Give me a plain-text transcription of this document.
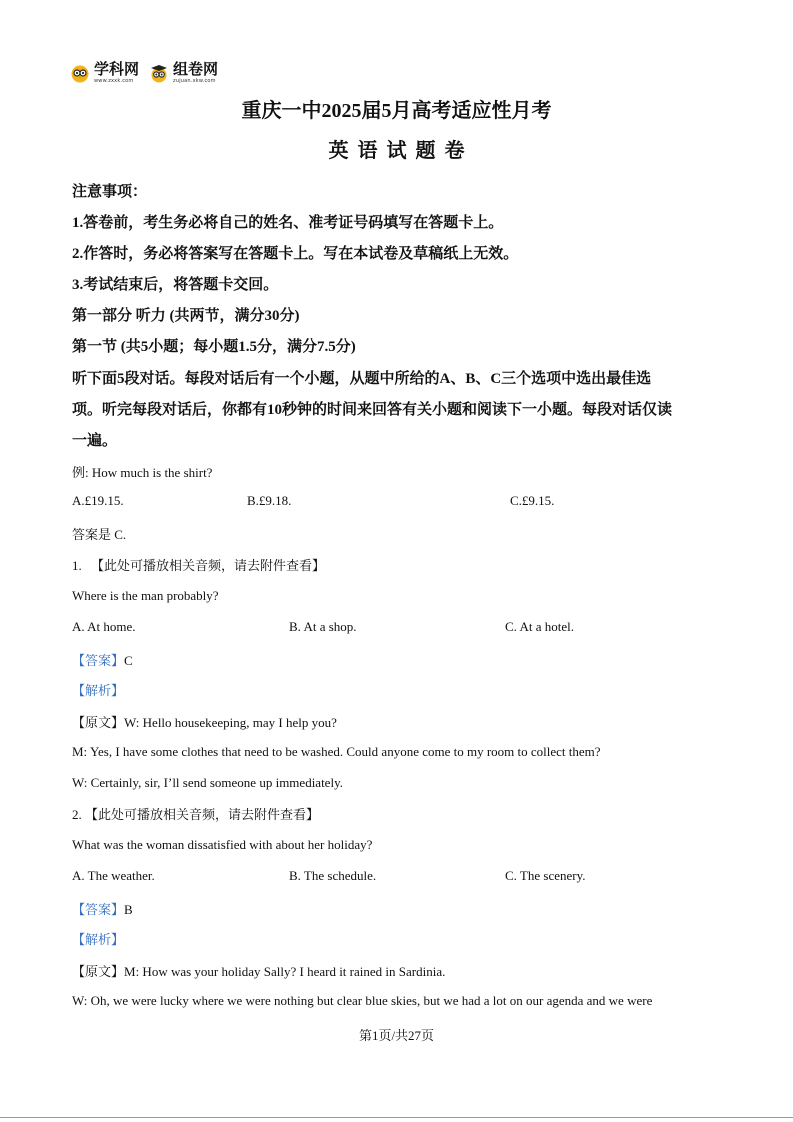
学科网
www.zxxk.com
组卷网
zujuan.xkw.com
重庆一中2025届5月高考适应性月考
英语试题卷
注意事项：
1.答卷前，考生务必将自己的姓名、准考证号码填写在答题卡上。
2.作答时，务必将答案写在答题卡上。写在本试卷及草稿纸上无效。
3.考试结束后，将答题卡交回。
第一部分 听力 (共两节，满分30分)
第一节 (共5小题；每小题1.5分，满分7.5分)
听下面5段对话。每段对话后有一个小题，从题中所给的A、B、C三个选项中选出最佳选
项。听完每段对话后，你都有10秒钟的时间来回答有关小题和阅读下一小题。每段对话仅读
一遍。
例: How much is the shirt?
A.£19.15.	B.£9.18.	C.£9.15.
答案是 C.
1. 【此处可播放相关音频，请去附件查看】
Where is the man probably?
A. At home.	B. At a shop.	C. At a hotel.
【答案】C
【解析】
【原文】W: Hello housekeeping, may I help you?
M: Yes, I have some clothes that need to be washed. Could anyone come to my room to collect them?
W: Certainly, sir, I’ll send someone up immediately.
2. 【此处可播放相关音频，请去附件查看】
What was the woman dissatisfied with about her holiday?
A. The weather.	B. The schedule.	C. The scenery.
【答案】B
【解析】
【原文】M: How was your holiday Sally? I heard it rained in Sardinia.
W: Oh, we were lucky where we were nothing but clear blue skies, but we had a lot on our agenda and we were
第1页/共27页
